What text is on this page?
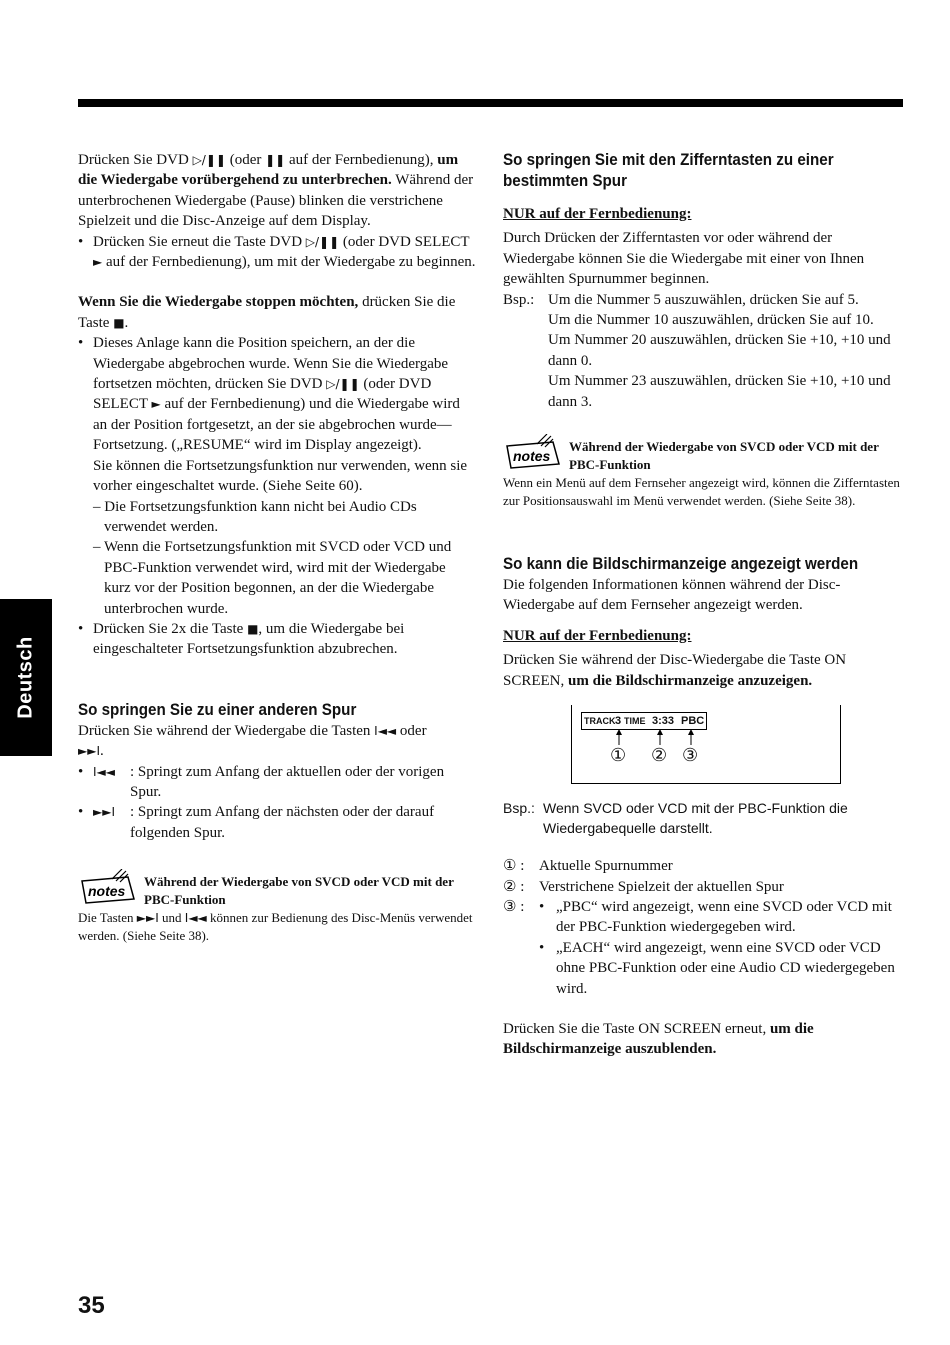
Deutsch

Drücken Sie DVD ▷/❚❚ (oder ❚❚ auf der Fernbedienung), um die Wiedergabe vorübergehend zu unterbrechen. Während der unterbrochenen Wiedergabe (Pause) blinken die verstrichene Spielzeit und die Disc-Anzeige auf dem Display.

• Drücken Sie erneut die Taste DVD ▷/❚❚ (oder DVD SELECT ► auf der Fernbedienung), um mit der Wiedergabe zu beginnen.

Wenn Sie die Wiedergabe stoppen möchten, drücken Sie die Taste ■.

• Dieses Anlage kann die Position speichern, an der die Wiedergabe abgebrochen wurde. Wenn Sie die Wiedergabe fortsetzen möchten, drücken Sie DVD ▷/❚❚ (oder DVD SELECT ► auf der Fernbedienung) und die Wiedergabe wird an der Position fortgesetzt, an der sie abgebrochen wurde—Fortsetzung. („RESUME“ wird im Display angezeigt).

Sie können die Fortsetzungsfunktion nur verwenden, wenn sie vorher eingeschaltet wurde. (Siehe Seite 60).

– Die Fortsetzungsfunktion kann nicht bei Audio CDs verwendet werden.

– Wenn die Fortsetzungsfunktion mit SVCD oder VCD und PBC-Funktion verwendet wird, wird mit der Wiedergabe kurz vor der Position begonnen, an der die Wiedergabe unterbrochen wurde.

• Drücken Sie 2x die Taste ■, um die Wiedergabe bei eingeschalteter Fortsetzungsfunktion abzubrechen.

So springen Sie zu einer anderen Spur

Drücken Sie während der Wiedergabe die Tasten I◄◄ oder
►►I.

• I◄◄ : Springt zum Anfang der aktuellen oder der vorigen Spur.

• ►►I : Springt zum Anfang der nächsten oder der darauf folgenden Spur.

notes
Während der Wiedergabe von SVCD oder VCD mit der PBC-Funktion

Die Tasten ►►I und I◄◄ können zur Bedienung des Disc-Menüs verwendet werden. (Siehe Seite 38).

So springen Sie mit den Zifferntasten zu einer bestimmten Spur

NUR auf der Fernbedienung:

Durch Drücken der Zifferntasten vor oder während der Wiedergabe können Sie die Wiedergabe mit einer von Ihnen gewählten Spurnummer beginnen.

Bsp.: Um die Nummer 5 auszuwählen, drücken Sie auf 5.

Um die Nummer 10 auszuwählen, drücken Sie auf 10.

Um Nummer 20 auszuwählen, drücken Sie +10, +10 und dann 0.

Um Nummer 23 auszuwählen, drücken Sie +10, +10 und dann 3.

notes
Während der Wiedergabe von SVCD oder VCD mit der PBC-Funktion

Wenn ein Menü auf dem Fernseher angezeigt wird, können die Zifferntasten zur Positionsauswahl im Menü verwendet werden. (Siehe Seite 38).

So kann die Bildschirmanzeige angezeigt werden

Die folgenden Informationen können während der Disc-Wiedergabe auf dem Fernseher angezeigt werden.

NUR auf der Fernbedienung:

Drücken Sie während der Disc-Wiedergabe die Taste ON SCREEN, um die Bildschirmanzeige anzuzeigen.

TRACK 3 TIME 3:33 PBC
① ② ③
Bsp.: Wenn SVCD oder VCD mit der PBC-Funktion die Wiedergabequelle darstellt.

① : Aktuelle Spurnummer

② : Verstrichene Spielzeit der aktuellen Spur

③ :

•	„PBC“ wird angezeigt, wenn eine SVCD oder VCD mit der PBC-Funktion wiedergegeben wird.

• „EACH“ wird angezeigt, wenn eine SVCD oder VCD ohne PBC-Funktion oder eine Audio CD wiedergegeben wird.

Drücken Sie die Taste ON SCREEN erneut, um die Bildschirmanzeige auszublenden.

35
